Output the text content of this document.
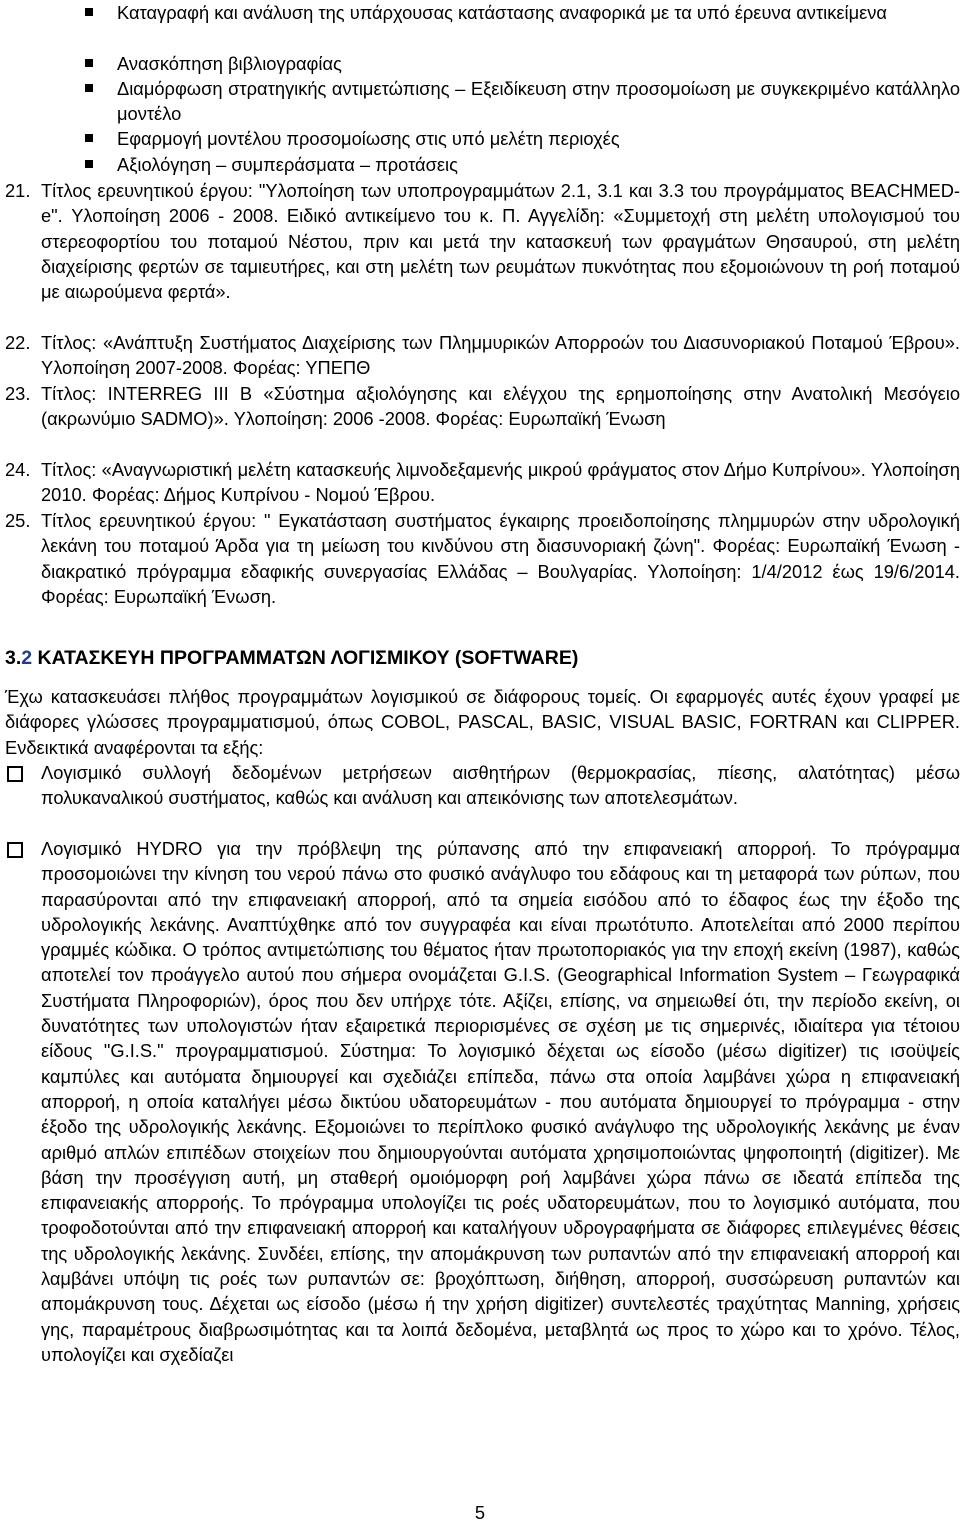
Καταγραφή και ανάλυση της υπάρχουσας κατάστασης αναφορικά με τα υπό έρευνα αντικείμενα
Ανασκόπηση βιβλιογραφίας
Διαμόρφωση στρατηγικής αντιμετώπισης – Εξειδίκευση στην προσομοίωση με συγκεκριμένο κατάλληλο μοντέλο
Εφαρμογή μοντέλου προσομοίωσης στις υπό μελέτη περιοχές
Αξιολόγηση – συμπεράσματα – προτάσεις
21. Τίτλος ερευνητικού έργου: "Υλοποίηση των υποπρογραμμάτων 2.1, 3.1 και 3.3 του προγράμματος BEACHMED-e". Υλοποίηση 2006 - 2008. Ειδικό αντικείμενο του κ. Π. Αγγελίδη: «Συμμετοχή στη μελέτη υπολογισμού του στερεοφορτίου του ποταμού Νέστου, πριν και μετά την κατασκευή των φραγμάτων Θησαυρού, στη μελέτη διαχείρισης φερτών σε ταμιευτήρες, και στη μελέτη των ρευμάτων πυκνότητας που εξομοιώνουν τη ροή ποταμού με αιωρούμενα φερτά».
22. Τίτλος: «Ανάπτυξη Συστήματος Διαχείρισης των Πλημμυρικών Απορροών του Διασυνοριακού Ποταμού Έβρου». Υλοποίηση 2007-2008. Φορέας: ΥΠΕΠΘ
23. Τίτλος: INTERREG III B «Σύστημα αξιολόγησης και ελέγχου της ερημοποίησης στην Ανατολική Μεσόγειο (ακρωνύμιο SADMO)». Υλοποίηση: 2006 -2008. Φορέας: Ευρωπαϊκή Ένωση
24. Τίτλος: «Αναγνωριστική μελέτη κατασκευής λιμνοδεξαμενής μικρού φράγματος στον Δήμο Κυπρίνου». Υλοποίηση 2010. Φορέας: Δήμος Κυπρίνου - Νομού Έβρου.
25. Τίτλος ερευνητικού έργου: " Εγκατάσταση συστήματος έγκαιρης προειδοποίησης πλημμυρών στην υδρολογική λεκάνη του ποταμού Άρδα για τη μείωση του κινδύνου στη διασυνοριακή ζώνη". Φορέας: Ευρωπαϊκή Ένωση - διακρατικό πρόγραμμα εδαφικής συνεργασίας Ελλάδας – Βουλγαρίας. Υλοποίηση: 1/4/2012 έως 19/6/2014. Φορέας: Ευρωπαϊκή Ένωση.
3.2 ΚΑΤΑΣΚΕΥΗ ΠΡΟΓΡΑΜΜΑΤΩΝ ΛΟΓΙΣΜΙΚΟΥ (SOFTWARE)
Έχω κατασκευάσει πλήθος προγραμμάτων λογισμικού σε διάφορους τομείς. Οι εφαρμογές αυτές έχουν γραφεί με διάφορες γλώσσες προγραμματισμού, όπως COBOL, PASCAL, BASIC, VISUAL BASIC, FORTRAN και CLIPPER. Ενδεικτικά αναφέρονται τα εξής:
Λογισμικό συλλογή δεδομένων μετρήσεων αισθητήρων (θερμοκρασίας, πίεσης, αλατότητας) μέσω πολυκαναλικού συστήματος, καθώς και ανάλυση και απεικόνισης των αποτελεσμάτων.
Λογισμικό HYDRO για την πρόβλεψη της ρύπανσης από την επιφανειακή απορροή. Το πρόγραμμα προσομοιώνει την κίνηση του νερού πάνω στο φυσικό ανάγλυφο του εδάφους και τη μεταφορά των ρύπων, που παρασύρονται από την επιφανειακή απορροή, από τα σημεία εισόδου από το έδαφος έως την έξοδο της υδρολογικής λεκάνης. Αναπτύχθηκε από τον συγγραφέα και είναι πρωτότυπο. Αποτελείται από 2000 περίπου γραμμές κώδικα. Ο τρόπος αντιμετώπισης του θέματος ήταν πρωτοποριακός για την εποχή εκείνη (1987), καθώς αποτελεί τον προάγγελο αυτού που σήμερα ονομάζεται G.I.S. (Geographical Information System – Γεωγραφικά Συστήματα Πληροφοριών), όρος που δεν υπήρχε τότε. Αξίζει, επίσης, να σημειωθεί ότι, την περίοδο εκείνη, οι δυνατότητες των υπολογιστών ήταν εξαιρετικά περιορισμένες σε σχέση με τις σημερινές, ιδιαίτερα για τέτοιου είδους "G.I.S." προγραμματισμού. Σύστημα: Το λογισμικό δέχεται ως είσοδο (μέσω digitizer) τις ισοϋψείς καμπύλες και αυτόματα δημιουργεί και σχεδιάζει επίπεδα, πάνω στα οποία λαμβάνει χώρα η επιφανειακή απορροή, η οποία καταλήγει μέσω δικτύου υδατορευμάτων - που αυτόματα δημιουργεί το πρόγραμμα - στην έξοδο της υδρολογικής λεκάνης. Εξομοιώνει το περίπλοκο φυσικό ανάγλυφο της υδρολογικής λεκάνης με έναν αριθμό απλών επιπέδων στοιχείων που δημιουργούνται αυτόματα χρησιμοποιώντας ψηφοποιητή (digitizer). Με βάση την προσέγγιση αυτή, μη σταθερή ομοιόμορφη ροή λαμβάνει χώρα πάνω σε ιδεατά επίπεδα της επιφανειακής απορροής. Το πρόγραμμα υπολογίζει τις ροές υδατορευμάτων, που το λογισμικό αυτόματα, που τροφοδοτούνται από την επιφανειακή απορροή και καταλήγουν υδρογραφήματα σε διάφορες επιλεγμένες θέσεις της υδρολογικής λεκάνης. Συνδέει, επίσης, την απομάκρυνση των ρυπαντών από την επιφανειακή απορροή και λαμβάνει υπόψη τις ροές των ρυπαντών σε: βροχόπτωση, διήθηση, απορροή, συσσώρευση ρυπαντών και απομάκρυνση τους. Δέχεται ως είσοδο (μέσω ή την χρήση digitizer) συντελεστές τραχύτητας Manning, χρήσεις γης, παραμέτρους διαβρωσιμότητας και τα λοιπά δεδομένα, μεταβλητά ως προς το χώρο και το χρόνο. Τέλος, υπολογίζει και σχεδίαζει
5
